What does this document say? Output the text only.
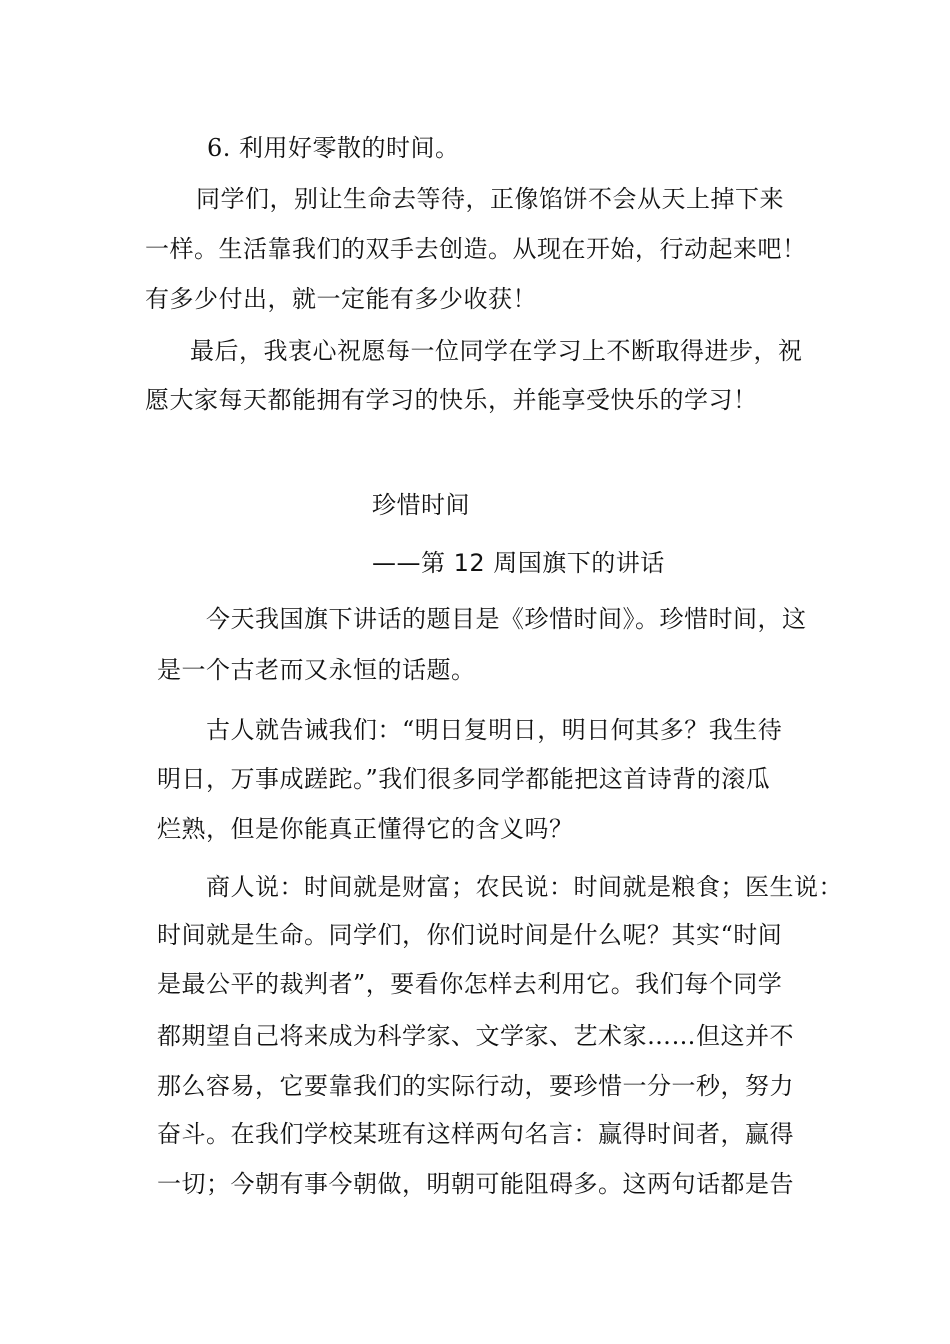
6. 利用好零散的时间。
同学们，别让生命去等待，正像馅饼不会从天上掉下来
一样。生活靠我们的双手去创造。从现在开始，行动起来吧！
有多少付出，就一定能有多少收获！
最后，我衷心祝愿每一位同学在学习上不断取得进步，祝
愿大家每天都能拥有学习的快乐，并能享受快乐的学习！
珍惜时间
——第 12 周国旗下的讲话
今天我国旗下讲话的题目是《珍惜时间》。珍惜时间，这
是一个古老而又永恒的话题。
古人就告诫我们：“明日复明日，明日何其多？我生待
明日，万事成蹉跎。”我们很多同学都能把这首诗背的滚瓜
烂熟，但是你能真正懂得它的含义吗？
商人说：时间就是财富；农民说：时间就是粮食；医生说：
时间就是生命。同学们，你们说时间是什么呢？其实“时间
是最公平的裁判者”，要看你怎样去利用它。我们每个同学
都期望自己将来成为科学家、文学家、艺术家……但这并不
那么容易，它要靠我们的实际行动，要珍惜一分一秒，努力
奋斗。在我们学校某班有这样两句名言：赢得时间者，赢得
一切；今朝有事今朝做，明朝可能阻碍多。这两句话都是告
